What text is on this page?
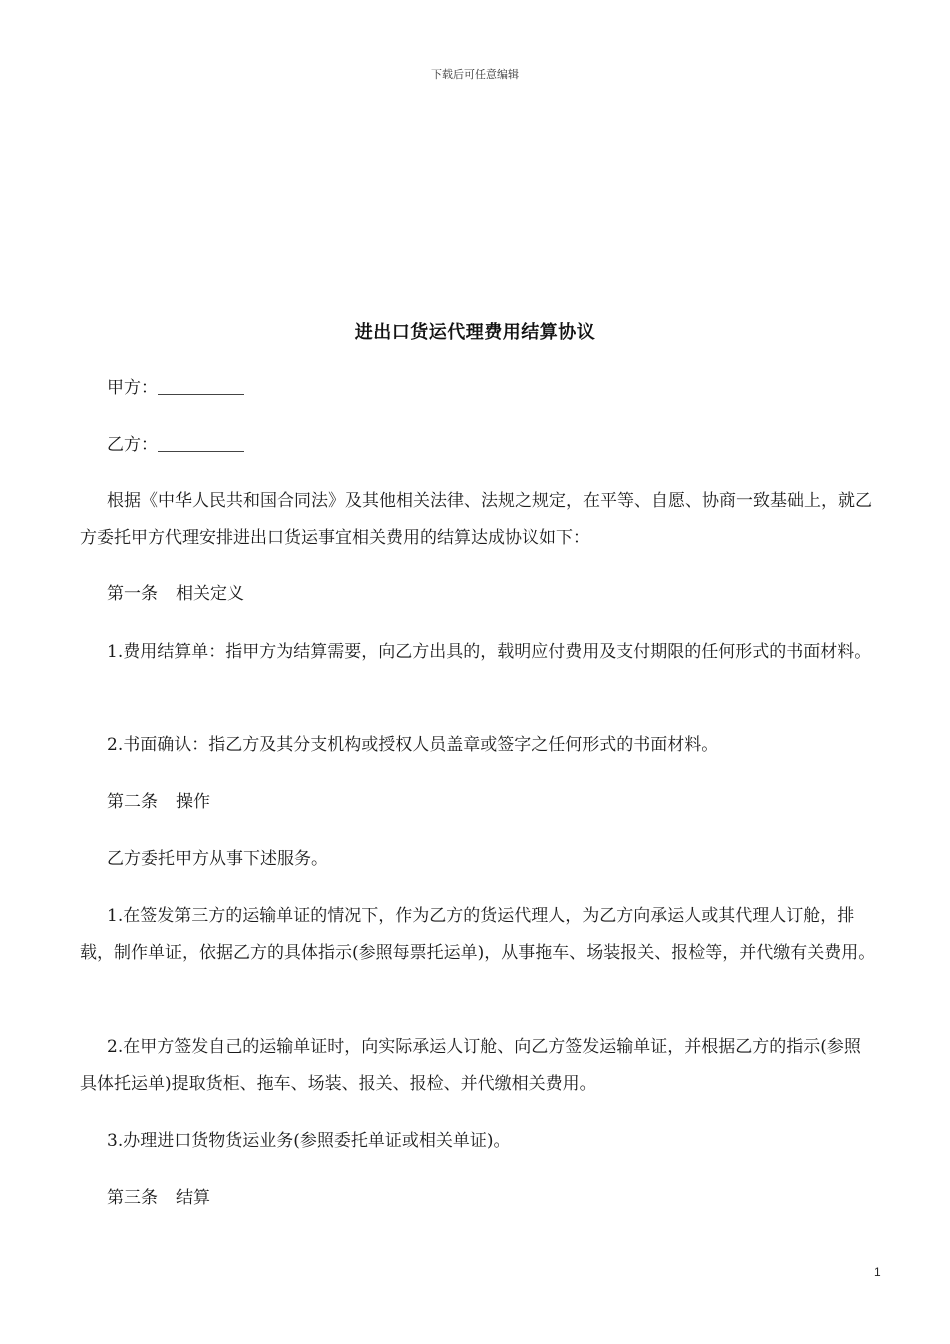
下载后可任意编辑
进出口货运代理费用结算协议

甲方：

乙方：

根据《中华人民共和国合同法》及其他相关法律、法规之规定，在平等、自愿、协商一致基础上，就乙方委托甲方代理安排进出口货运事宜相关费用的结算达成协议如下：

第一条 相关定义

1.费用结算单：指甲方为结算需要，向乙方出具的，载明应付费用及支付期限的任何形式的书面材料。

2.书面确认：指乙方及其分支机构或授权人员盖章或签字之任何形式的书面材料。

第二条 操作

乙方委托甲方从事下述服务。

1.在签发第三方的运输单证的情况下，作为乙方的货运代理人，为乙方向承运人或其代理人订舱，排载，制作单证，依据乙方的具体指示(参照每票托运单)，从事拖车、场装报关、报检等，并代缴有关费用。

2.在甲方签发自己的运输单证时，向实际承运人订舱、向乙方签发运输单证，并根据乙方的指示(参照具体托运单)提取货柜、拖车、场装、报关、报检、并代缴相关费用。

3.办理进口货物货运业务(参照委托单证或相关单证)。

第三条 结算

1
